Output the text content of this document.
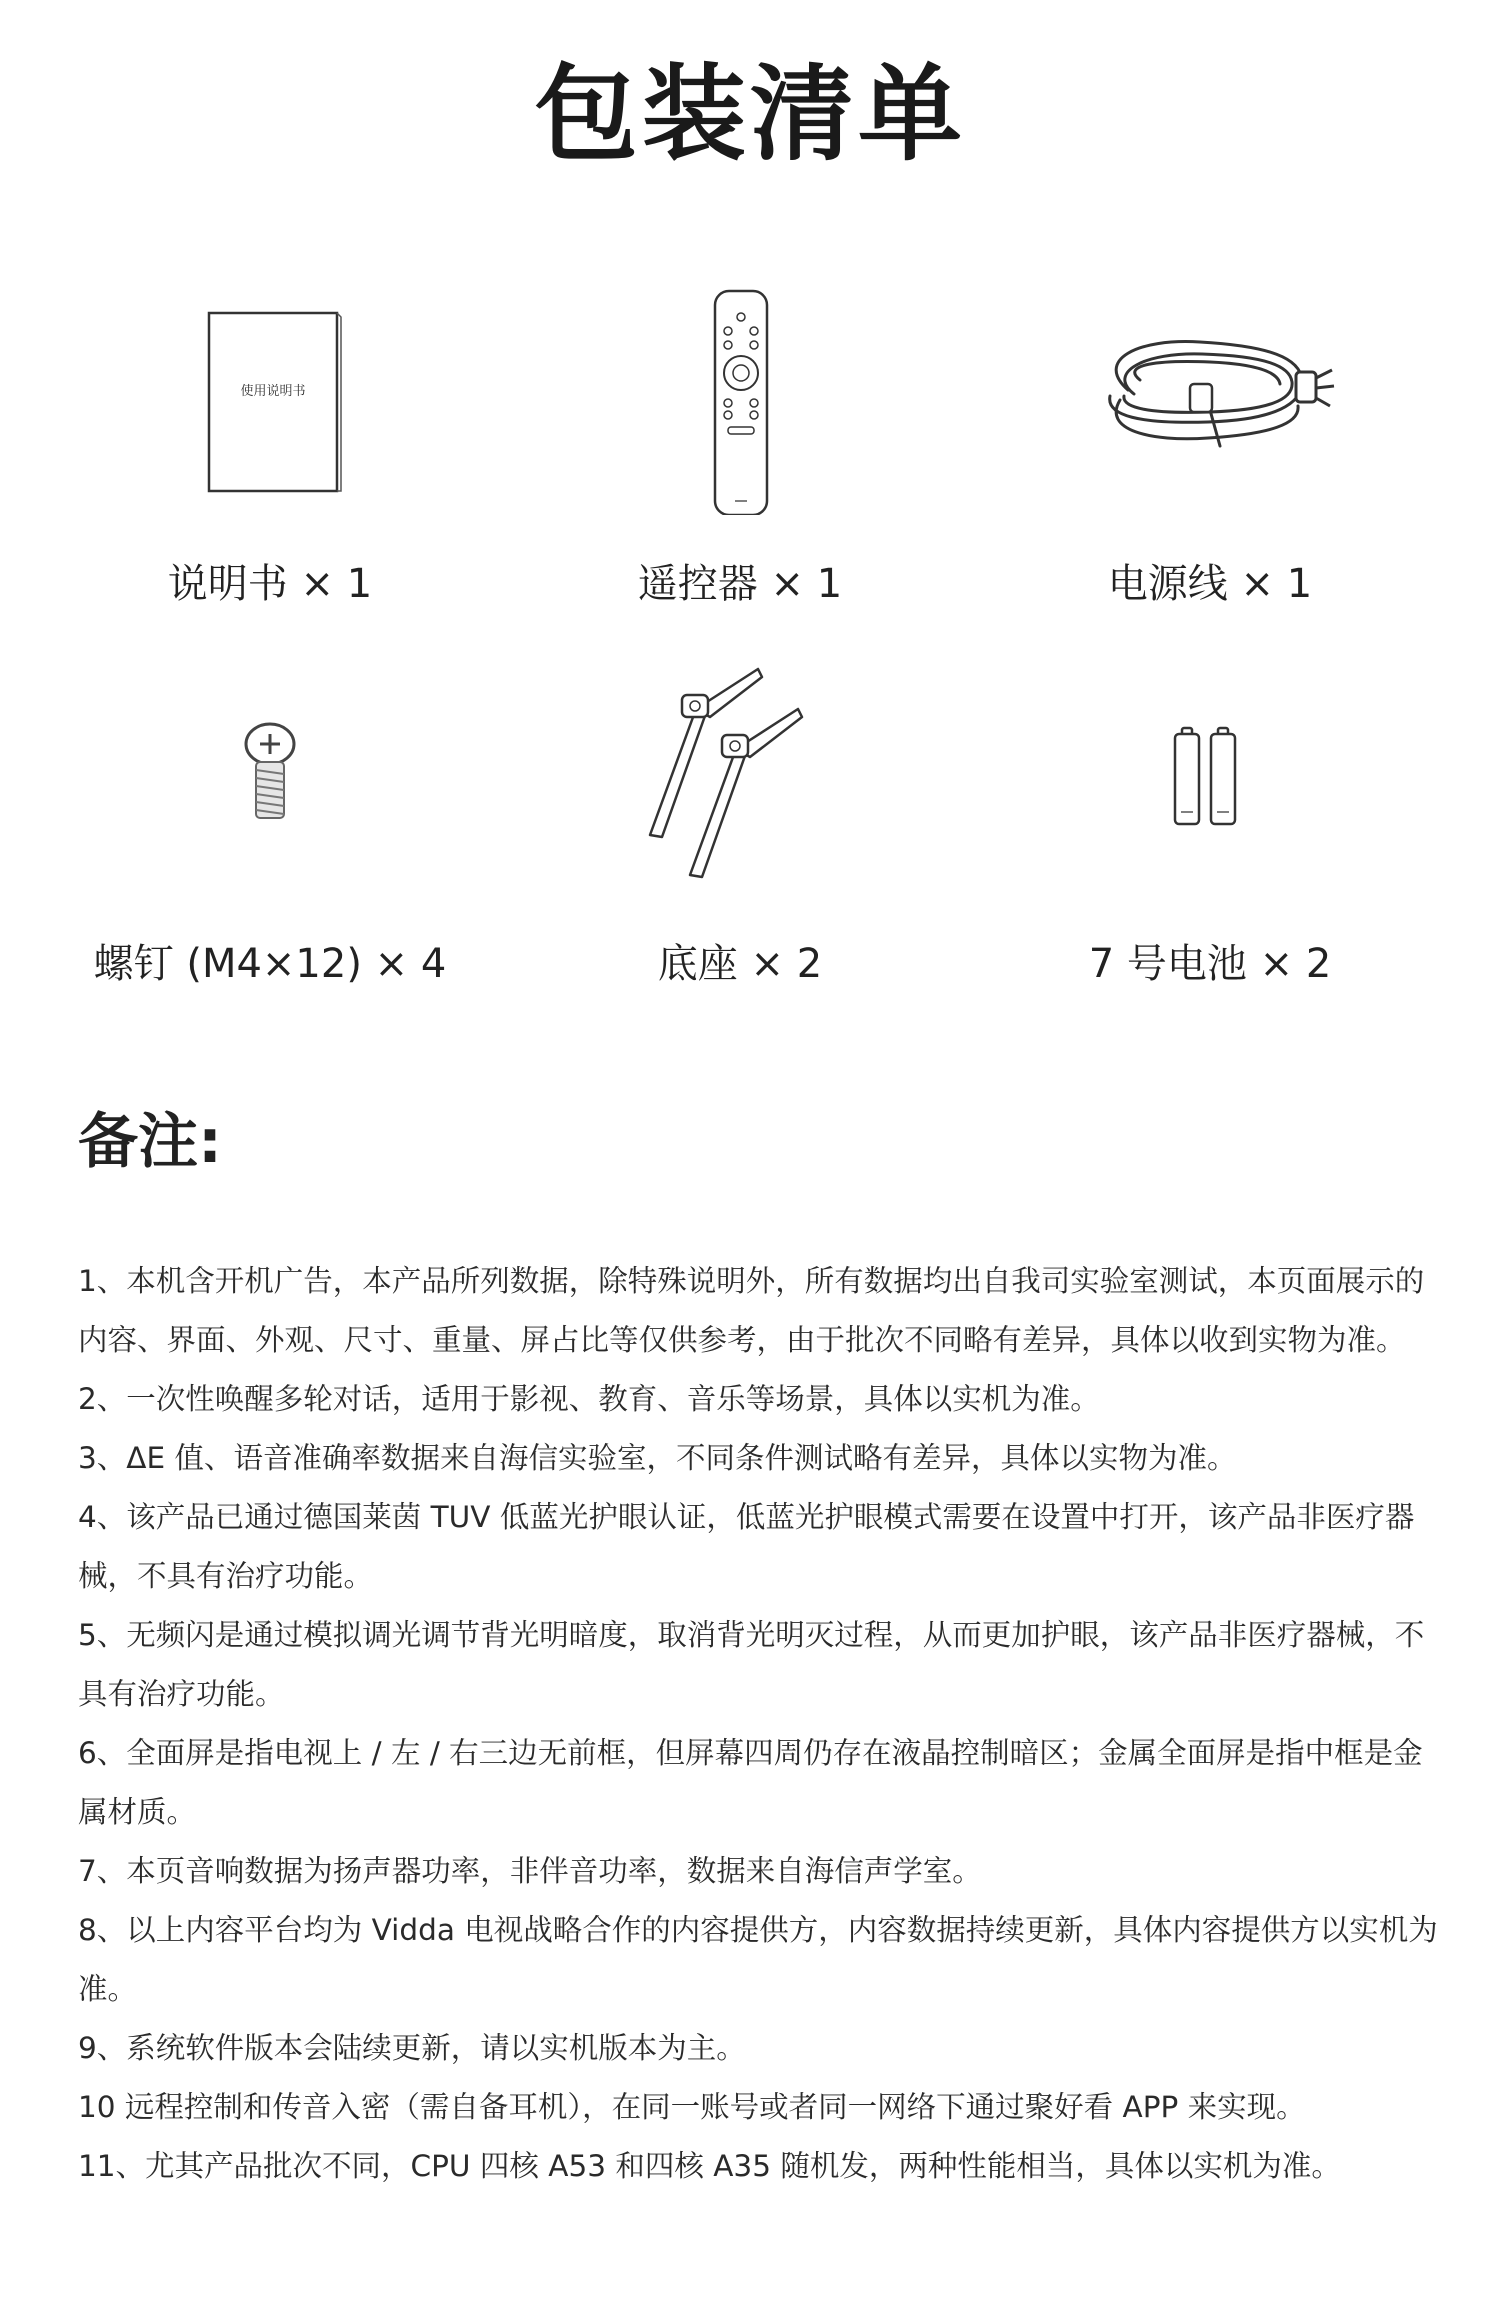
包装清单
使用说明书
说明书 × 1	遥控器 × 1	电源线 × 1
螺钉 (M4×12) × 4	底座 × 2	7 号电池 × 2
备注:

1、本机含开机广告，本产品所列数据，除特殊说明外，所有数据均出自我司实验室测试，本页面展示的内容、界面、外观、尺寸、重量、屏占比等仅供参考，由于批次不同略有差异，具体以收到实物为准。

2、一次性唤醒多轮对话，适用于影视、教育、音乐等场景，具体以实机为准。

3、ΔE 值、语音准确率数据来自海信实验室，不同条件测试略有差异，具体以实物为准。

4、该产品已通过德国莱茵 TUV 低蓝光护眼认证，低蓝光护眼模式需要在设置中打开，该产品非医疗器械，不具有治疗功能。

5、无频闪是通过模拟调光调节背光明暗度，取消背光明灭过程，从而更加护眼，该产品非医疗器械，不具有治疗功能。

6、全面屏是指电视上 / 左 / 右三边无前框，但屏幕四周仍存在液晶控制暗区；金属全面屏是指中框是金属材质。

7、本页音响数据为扬声器功率，非伴音功率，数据来自海信声学室。

8、以上内容平台均为 Vidda 电视战略合作的内容提供方，内容数据持续更新，具体内容提供方以实机为准。

9、系统软件版本会陆续更新，请以实机版本为主。

10 远程控制和传音入密（需自备耳机），在同一账号或者同一网络下通过聚好看 APP 来实现。

11、尤其产品批次不同，CPU 四核 A53 和四核 A35 随机发，两种性能相当，具体以实机为准。
